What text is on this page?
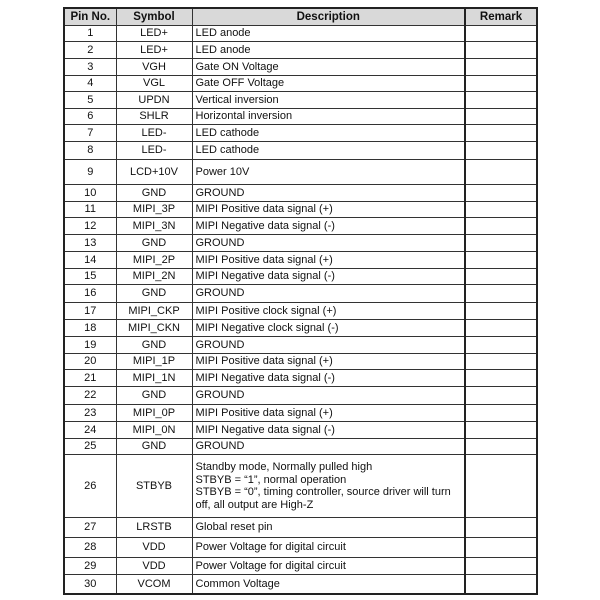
Pin No.	Symbol	Description	Remark
1	LED+	LED anode	
2	LED+	LED anode	
3	VGH	Gate ON Voltage	
4	VGL	Gate OFF Voltage	
5	UPDN	Vertical inversion	
6	SHLR	Horizontal inversion	
7	LED-	LED cathode	
8	LED-	LED cathode	
9	LCD+10V	Power 10V	
10	GND	GROUND	
11	MIPI_3P	MIPI Positive data signal (+)	
12	MIPI_3N	MIPI Negative data signal (-)	
13	GND	GROUND	
14	MIPI_2P	MIPI Positive data signal (+)	
15	MIPI_2N	MIPI Negative data signal (-)	
16	GND	GROUND	
17	MIPI_CKP	MIPI Positive clock signal (+)	
18	MIPI_CKN	MIPI Negative clock signal (-)	
19	GND	GROUND	
20	MIPI_1P	MIPI Positive data signal (+)	
21	MIPI_1N	MIPI Negative data signal (-)	
22	GND	GROUND	
23	MIPI_0P	MIPI Positive data signal (+)	
24	MIPI_0N	MIPI Negative data signal (-)	
25	GND	GROUND	
26	STBYB	Standby mode, Normally pulled high
STBYB = “1”, normal operation
STBYB = “0”, timing controller, source driver will turn off, all output are High-Z	
27	LRSTB	Global reset pin	
28	VDD	Power Voltage for digital circuit	
29	VDD	Power Voltage for digital circuit	
30	VCOM	Common Voltage	
